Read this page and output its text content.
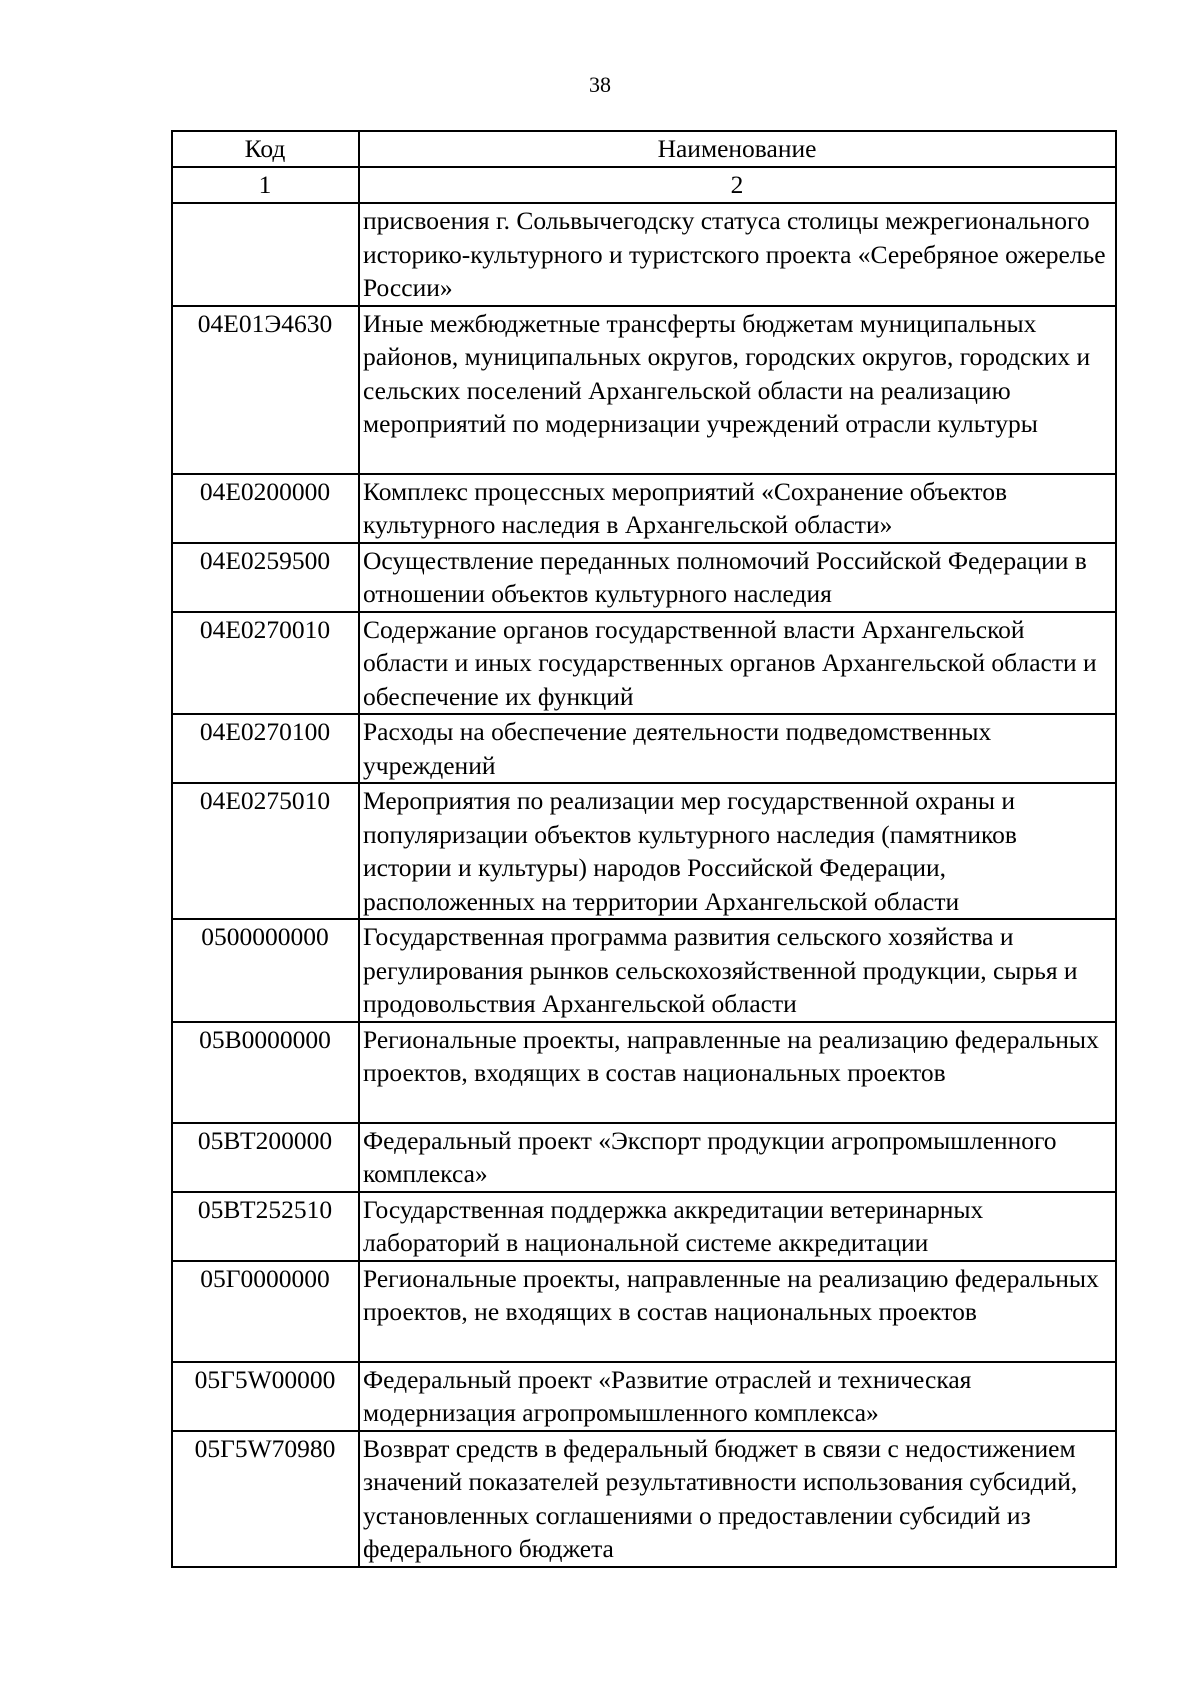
38
Код	Наименование
1	2
	присвоения г. Сольвычегодску статуса столицы межрегионального историко-культурного и туристского проекта «Серебряное ожерелье России»
04Е01Э4630	Иные межбюджетные трансферты бюджетам муниципальных районов, муниципальных округов, городских округов, городских и сельских поселений Архангельской области на реализацию мероприятий по модернизации учреждений отрасли культуры
04Е0200000	Комплекс процессных мероприятий «Сохранение объектов культурного наследия в Архангельской области»
04Е0259500	Осуществление переданных полномочий Российской Федерации в отношении объектов культурного наследия
04Е0270010	Содержание органов государственной власти Архангельской области и иных государственных органов Архангельской области и обеспечение их функций
04Е0270100	Расходы на обеспечение деятельности подведомственных учреждений
04Е0275010	Мероприятия по реализации мер государственной охраны и популяризации объектов культурного наследия (памятников истории и культуры) народов Российской Федерации, расположенных на территории Архангельской области
0500000000	Государственная программа развития сельского хозяйства и регулирования рынков сельскохозяйственной продукции, сырья и продовольствия Архангельской области
05В0000000	Региональные проекты, направленные на реализацию федеральных проектов, входящих в состав национальных проектов
05ВТ200000	Федеральный проект «Экспорт продукции агропромышленного комплекса»
05ВТ252510	Государственная поддержка аккредитации ветеринарных лабораторий в национальной системе аккредитации
05Г0000000	Региональные проекты, направленные на реализацию федеральных проектов, не входящих в состав национальных проектов
05Г5W00000	Федеральный проект «Развитие отраслей и техническая модернизация агропромышленного комплекса»
05Г5W70980	Возврат средств в федеральный бюджет в связи с недостижением значений показателей результативности использования субсидий, установленных соглашениями о предоставлении субсидий из федерального бюджета
